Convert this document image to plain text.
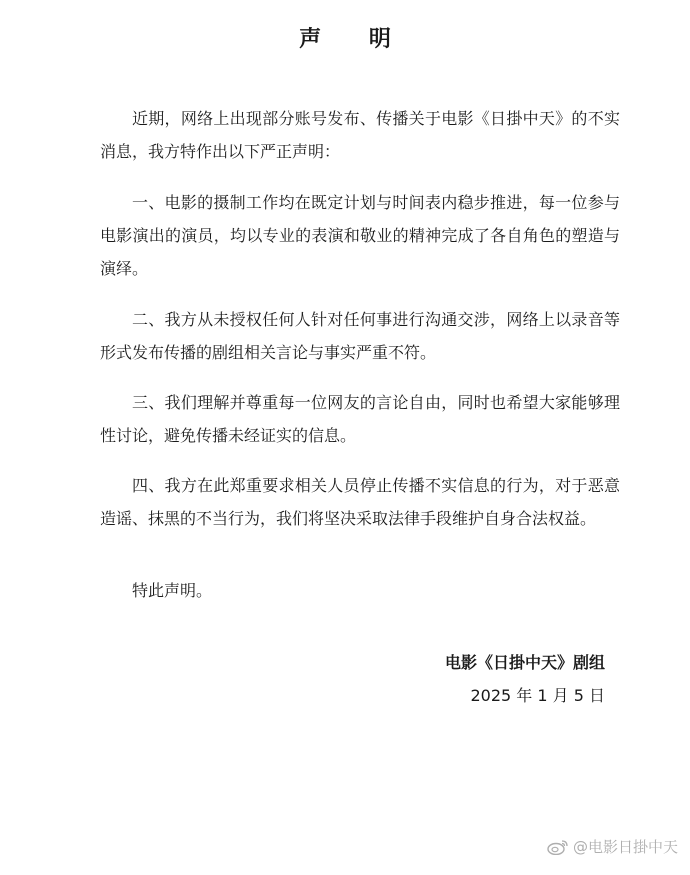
声 明

近期，网络上出现部分账号发布、传播关于电影《日掛中天》的不实消息，我方特作出以下严正声明：

一、电影的摄制工作均在既定计划与时间表内稳步推进，每一位参与电影演出的演员，均以专业的表演和敬业的精神完成了各自角色的塑造与演绎。

二、我方从未授权任何人针对任何事进行沟通交涉，网络上以录音等形式发布传播的剧组相关言论与事实严重不符。

三、我们理解并尊重每一位网友的言论自由，同时也希望大家能够理性讨论，避免传播未经证实的信息。

四、我方在此郑重要求相关人员停止传播不实信息的行为，对于恶意造谣、抹黑的不当行为，我们将坚决采取法律手段维护自身合法权益。

特此声明。
电影《日掛中天》剧组
2025 年 1 月 5 日
@电影日掛中天
